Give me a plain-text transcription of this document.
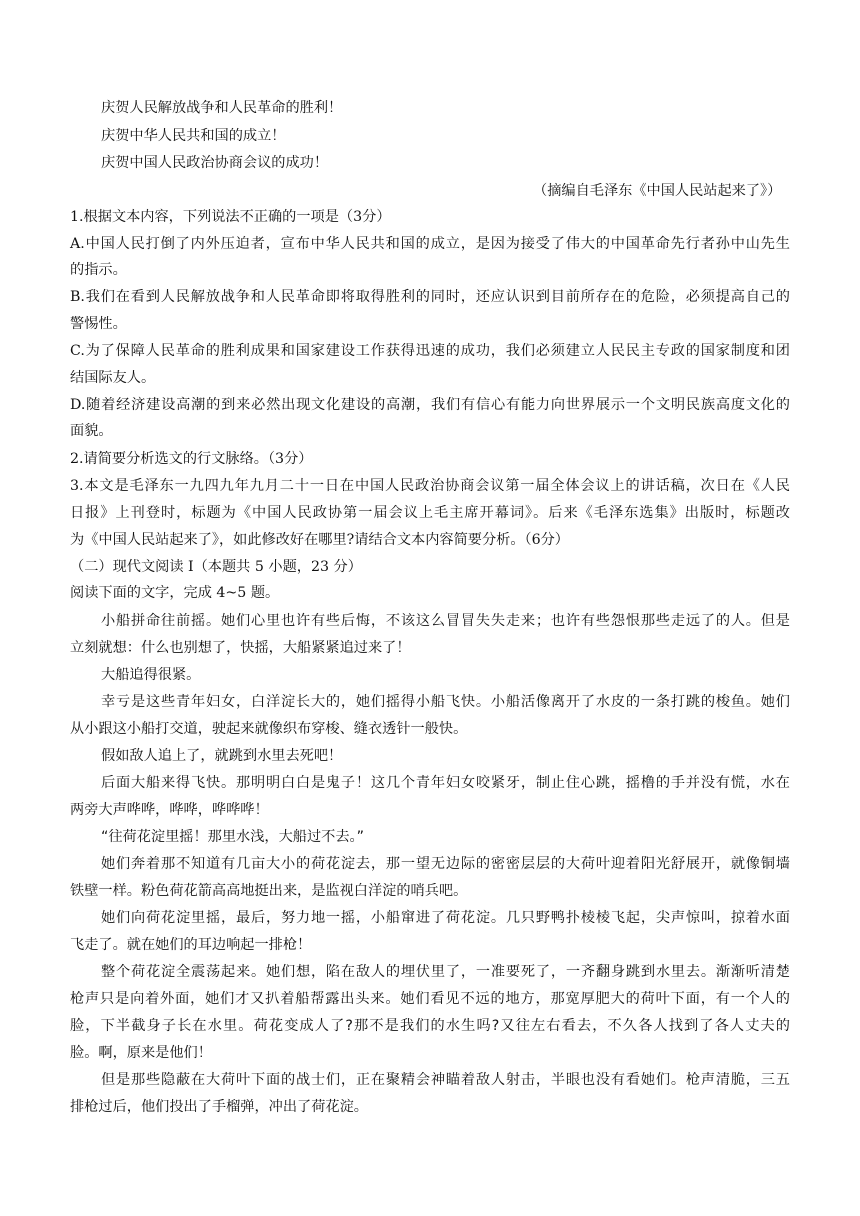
庆贺人民解放战争和人民革命的胜利！
庆贺中华人民共和国的成立！
庆贺中国人民政治协商会议的成功！
（摘编自毛泽东《中国人民站起来了》）
1.根据文本内容，下列说法不正确的一项是（3分）
A.中国人民打倒了内外压迫者，宣布中华人民共和国的成立，是因为接受了伟大的中国革命先行者孙中山先生
的指示。
B.我们在看到人民解放战争和人民革命即将取得胜利的同时，还应认识到目前所存在的危险，必须提高自己的
警惕性。
C.为了保障人民革命的胜利成果和国家建设工作获得迅速的成功，我们必须建立人民民主专政的国家制度和团
结国际友人。
D.随着经济建设高潮的到来必然出现文化建设的高潮，我们有信心有能力向世界展示一个文明民族高度文化的
面貌。
2.请简要分析选文的行文脉络。（3分）
3.本文是毛泽东一九四九年九月二十一日在中国人民政治协商会议第一届全体会议上的讲话稿，次日在《人民
日报》上刊登时，标题为《中国人民政协第一届会议上毛主席开幕词》。后来《毛泽东选集》出版时，标题改
为《中国人民站起来了》，如此修改好在哪里?请结合文本内容简要分析。（6分）
（二）现代文阅读 I（本题共 5 小题，23 分）
阅读下面的文字，完成 4~5 题。
小船拼命往前摇。她们心里也许有些后悔，不该这么冒冒失失走来；也许有些怨恨那些走远了的人。但是
立刻就想：什么也别想了，快摇，大船紧紧追过来了！
大船追得很紧。
幸亏是这些青年妇女，白洋淀长大的，她们摇得小船飞快。小船活像离开了水皮的一条打跳的梭鱼。她们
从小跟这小船打交道，驶起来就像织布穿梭、缝衣透针一般快。
假如敌人追上了，就跳到水里去死吧！
后面大船来得飞快。那明明白白是鬼子！这几个青年妇女咬紧牙，制止住心跳，摇橹的手并没有慌，水在
两旁大声哗哗，哗哗，哗哗哗！
“往荷花淀里摇！那里水浅，大船过不去。”
她们奔着那不知道有几亩大小的荷花淀去，那一望无边际的密密层层的大荷叶迎着阳光舒展开，就像铜墙
铁壁一样。粉色荷花箭高高地挺出来，是监视白洋淀的哨兵吧。
她们向荷花淀里摇，最后，努力地一摇，小船窜进了荷花淀。几只野鸭扑棱棱飞起，尖声惊叫，掠着水面
飞走了。就在她们的耳边响起一排枪！
整个荷花淀全震荡起来。她们想，陷在敌人的埋伏里了，一准要死了，一齐翻身跳到水里去。渐渐听清楚
枪声只是向着外面，她们才又扒着船帮露出头来。她们看见不远的地方，那宽厚肥大的荷叶下面，有一个人的
脸，下半截身子长在水里。荷花变成人了?那不是我们的水生吗?又往左右看去，不久各人找到了各人丈夫的
脸。啊，原来是他们！
但是那些隐蔽在大荷叶下面的战士们，正在聚精会神瞄着敌人射击，半眼也没有看她们。枪声清脆，三五
排枪过后，他们投出了手榴弹，冲出了荷花淀。
